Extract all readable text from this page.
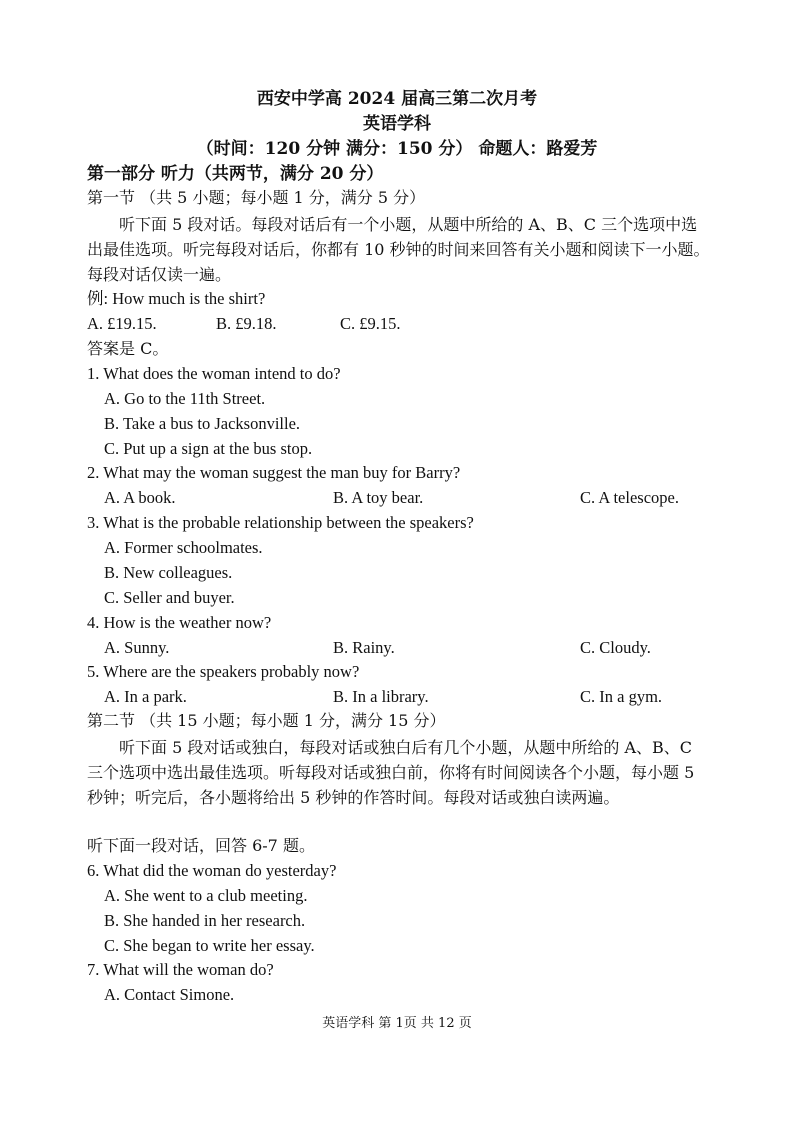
西安中学高 2024 届高三第二次月考
英语学科
（时间：120 分钟 满分：150 分） 命题人：路爱芳
第一部分 听力（共两节，满分 20 分）
第一节 （共 5 小题；每小题 1 分，满分 5 分）
听下面 5 段对话。每段对话后有一个小题，从题中所给的 A、B、C 三个选项中选出最佳选项。听完每段对话后，你都有 10 秒钟的时间来回答有关小题和阅读下一小题。每段对话仅读一遍。
例: How much is the shirt?
A. £19.15.	B. £9.18.	C. £9.15.
答案是 C。
1. What does the woman intend to do?
A. Go to the 11th Street.
B. Take a bus to Jacksonville.
C. Put up a sign at the bus stop.
2. What may the woman suggest the man buy for Barry?
A. A book.	B. A toy bear.	C. A telescope.
3. What is the probable relationship between the speakers?
A. Former schoolmates.
B. New colleagues.
C. Seller and buyer.
4. How is the weather now?
A. Sunny.	B. Rainy.	C. Cloudy.
5. Where are the speakers probably now?
A. In a park.	B. In a library.	C. In a gym.
第二节 （共 15 小题；每小题 1 分，满分 15 分）
听下面 5 段对话或独白，每段对话或独白后有几个小题，从题中所给的 A、B、C 三个选项中选出最佳选项。听每段对话或独白前，你将有时间阅读各个小题，每小题 5 秒钟；听完后，各小题将给出 5 秒钟的作答时间。每段对话或独白读两遍。
听下面一段对话，回答 6-7 题。
6. What did the woman do yesterday?
A. She went to a club meeting.
B. She handed in her research.
C. She began to write her essay.
7. What will the woman do?
A. Contact Simone.
英语学科 第 1页 共 12 页
